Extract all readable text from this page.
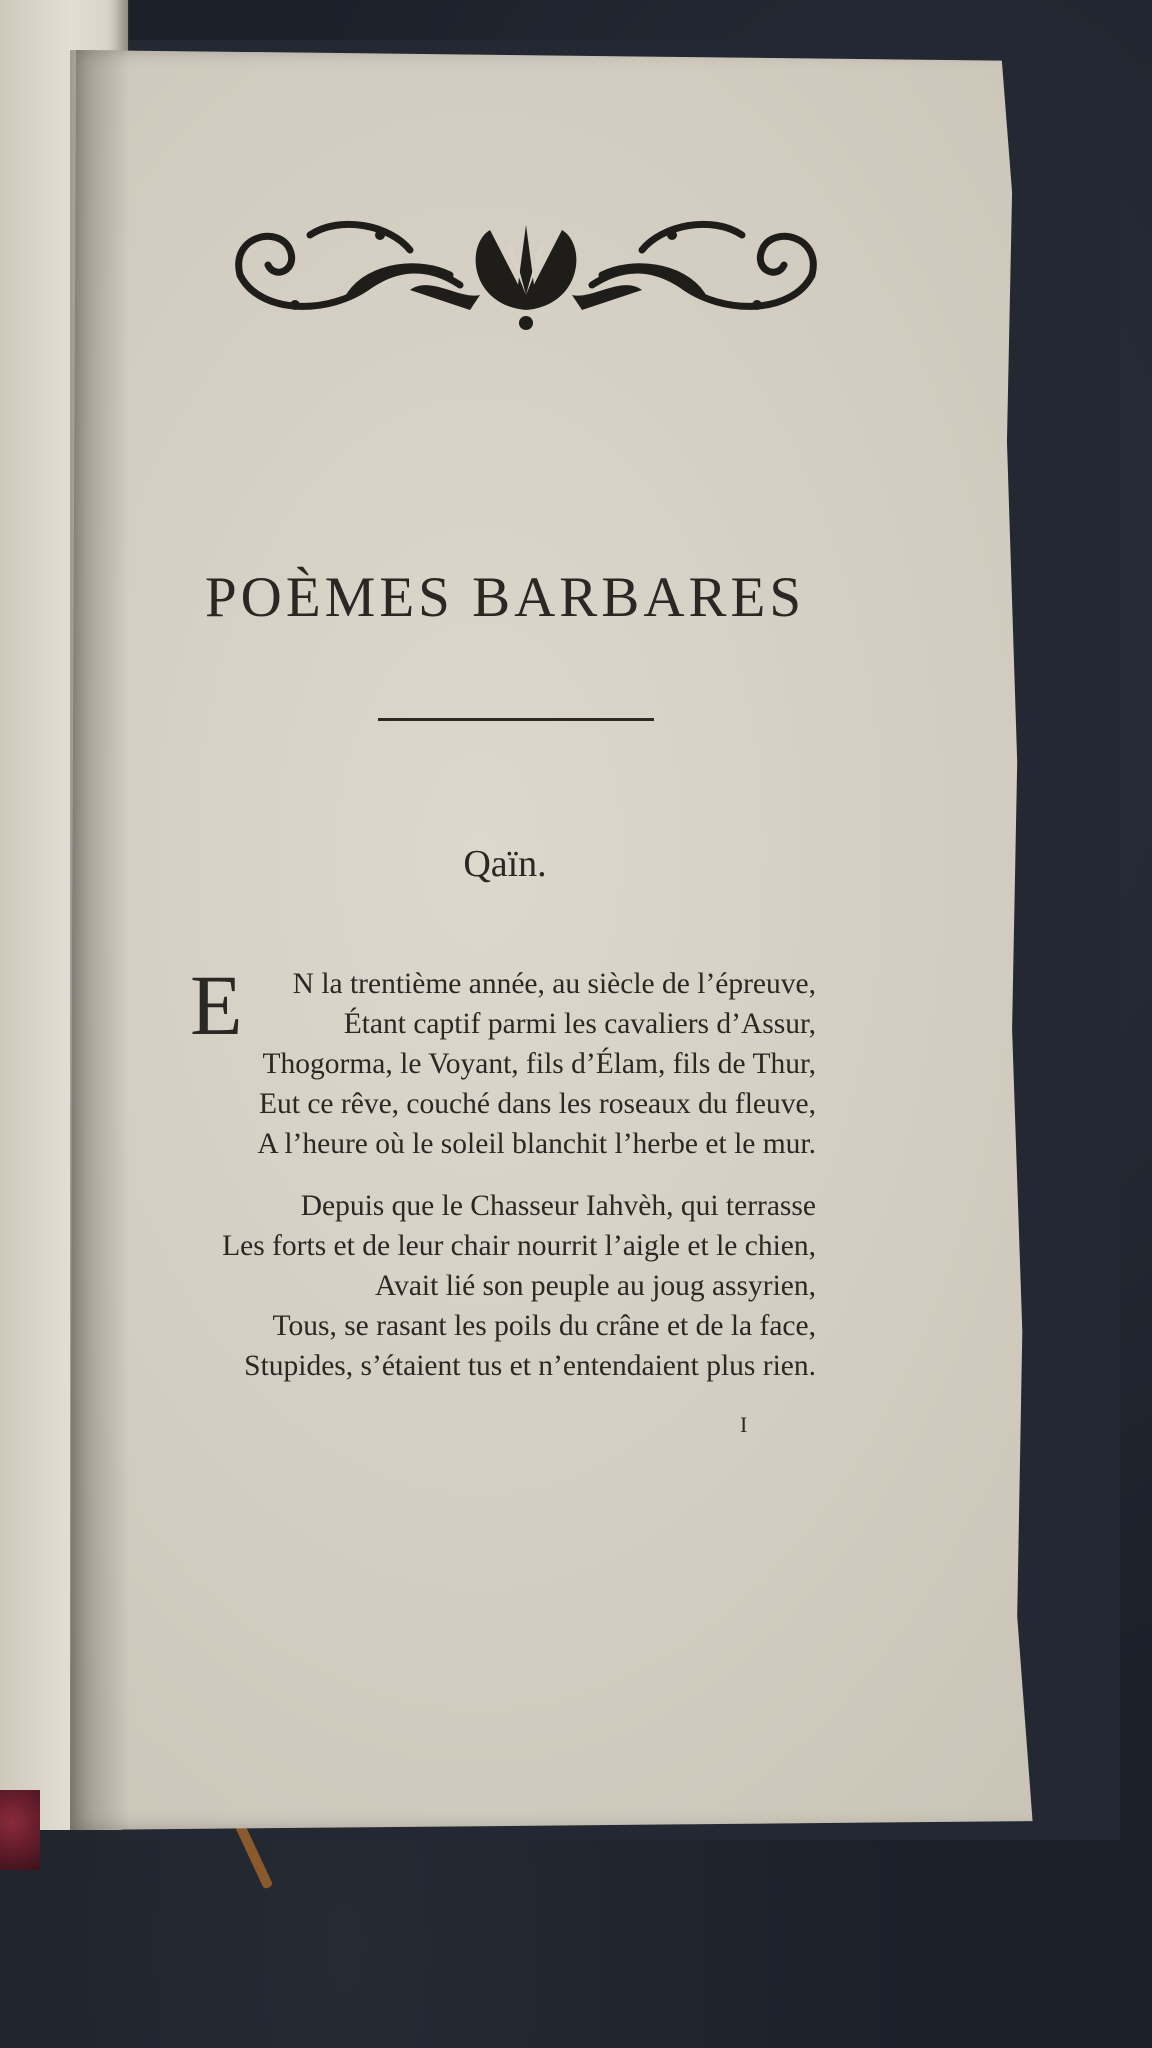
POÈMES BARBARES
Qaïn.
E	N la trentième année, au siècle de l’épreuve,
Étant captif parmi les cavaliers d’Assur,
Thogorma, le Voyant, fils d’Élam, fils de Thur,
Eut ce rêve, couché dans les roseaux du fleuve,
A l’heure où le soleil blanchit l’herbe et le mur.
Depuis que le Chasseur Iahvèh, qui terrasse
Les forts et de leur chair nourrit l’aigle et le chien,
Avait lié son peuple au joug assyrien,
Tous, se rasant les poils du crâne et de la face,
Stupides, s’étaient tus et n’entendaient plus rien.
I
